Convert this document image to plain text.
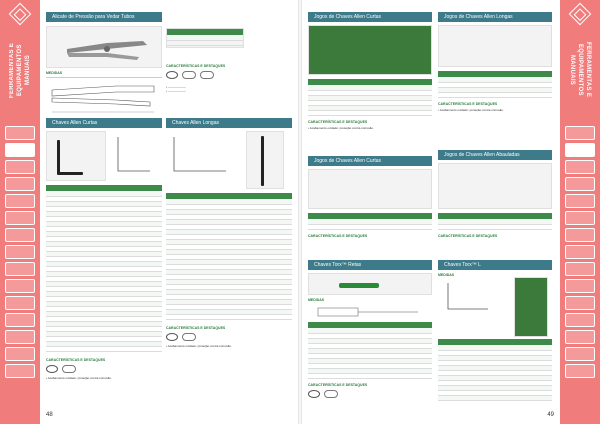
FERRAMENTAS E EQUIPAMENTOS MANUAIS	FERRAMENTAS E EQUIPAMENTOS MANUAIS
Alicate de Pressão para Vedar Tubos
MEDIDAS

CARACTERÍSTICAS E DESTAQUES
• ——————
• ——————
Chaves Allen Curtas

CARACTERÍSTICAS E DESTAQUES
• Acabamento oxidado: proteção contra corrosão.
Chaves Allen Longas

CARACTERÍSTICAS E DESTAQUES
• Acabamento oxidado: proteção contra corrosão.
Jogos de Chaves Allen Curtas

CARACTERÍSTICAS E DESTAQUES
• Acabamento oxidado: proteção contra corrosão.
Jogos de Chaves Allen Longas

CARACTERÍSTICAS E DESTAQUES
• Acabamento oxidado: proteção contra corrosão.
Jogos de Chaves Allen Curtas

CARACTERÍSTICAS E DESTAQUES
Jogos de Chaves Allen Abauladas

CARACTERÍSTICAS E DESTAQUES
Chaves Torx™ Retas
MEDIDAS

CARACTERÍSTICAS E DESTAQUES
Chaves Torx™ L
MEDIDAS

48	49
